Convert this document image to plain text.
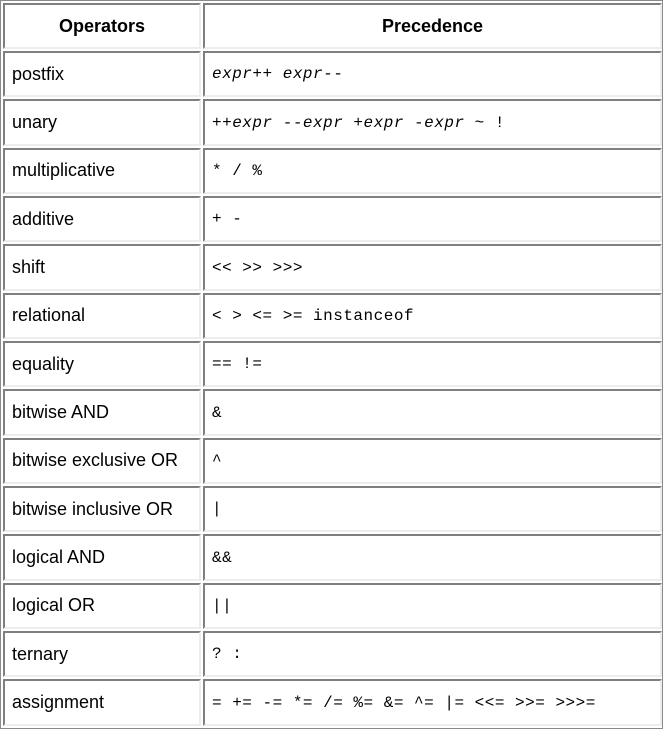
Operators	Precedence
postfix	expr++ expr--
unary	++expr --expr +expr -expr ~ !
multiplicative	* / %
additive	+ -
shift	<< >> >>>
relational	< > <= >= instanceof
equality	== !=
bitwise AND	&
bitwise exclusive OR	^
bitwise inclusive OR	|
logical AND	&&
logical OR	||
ternary	? :
assignment	= += -= *= /= %= &= ^= |= <<= >>= >>>=
